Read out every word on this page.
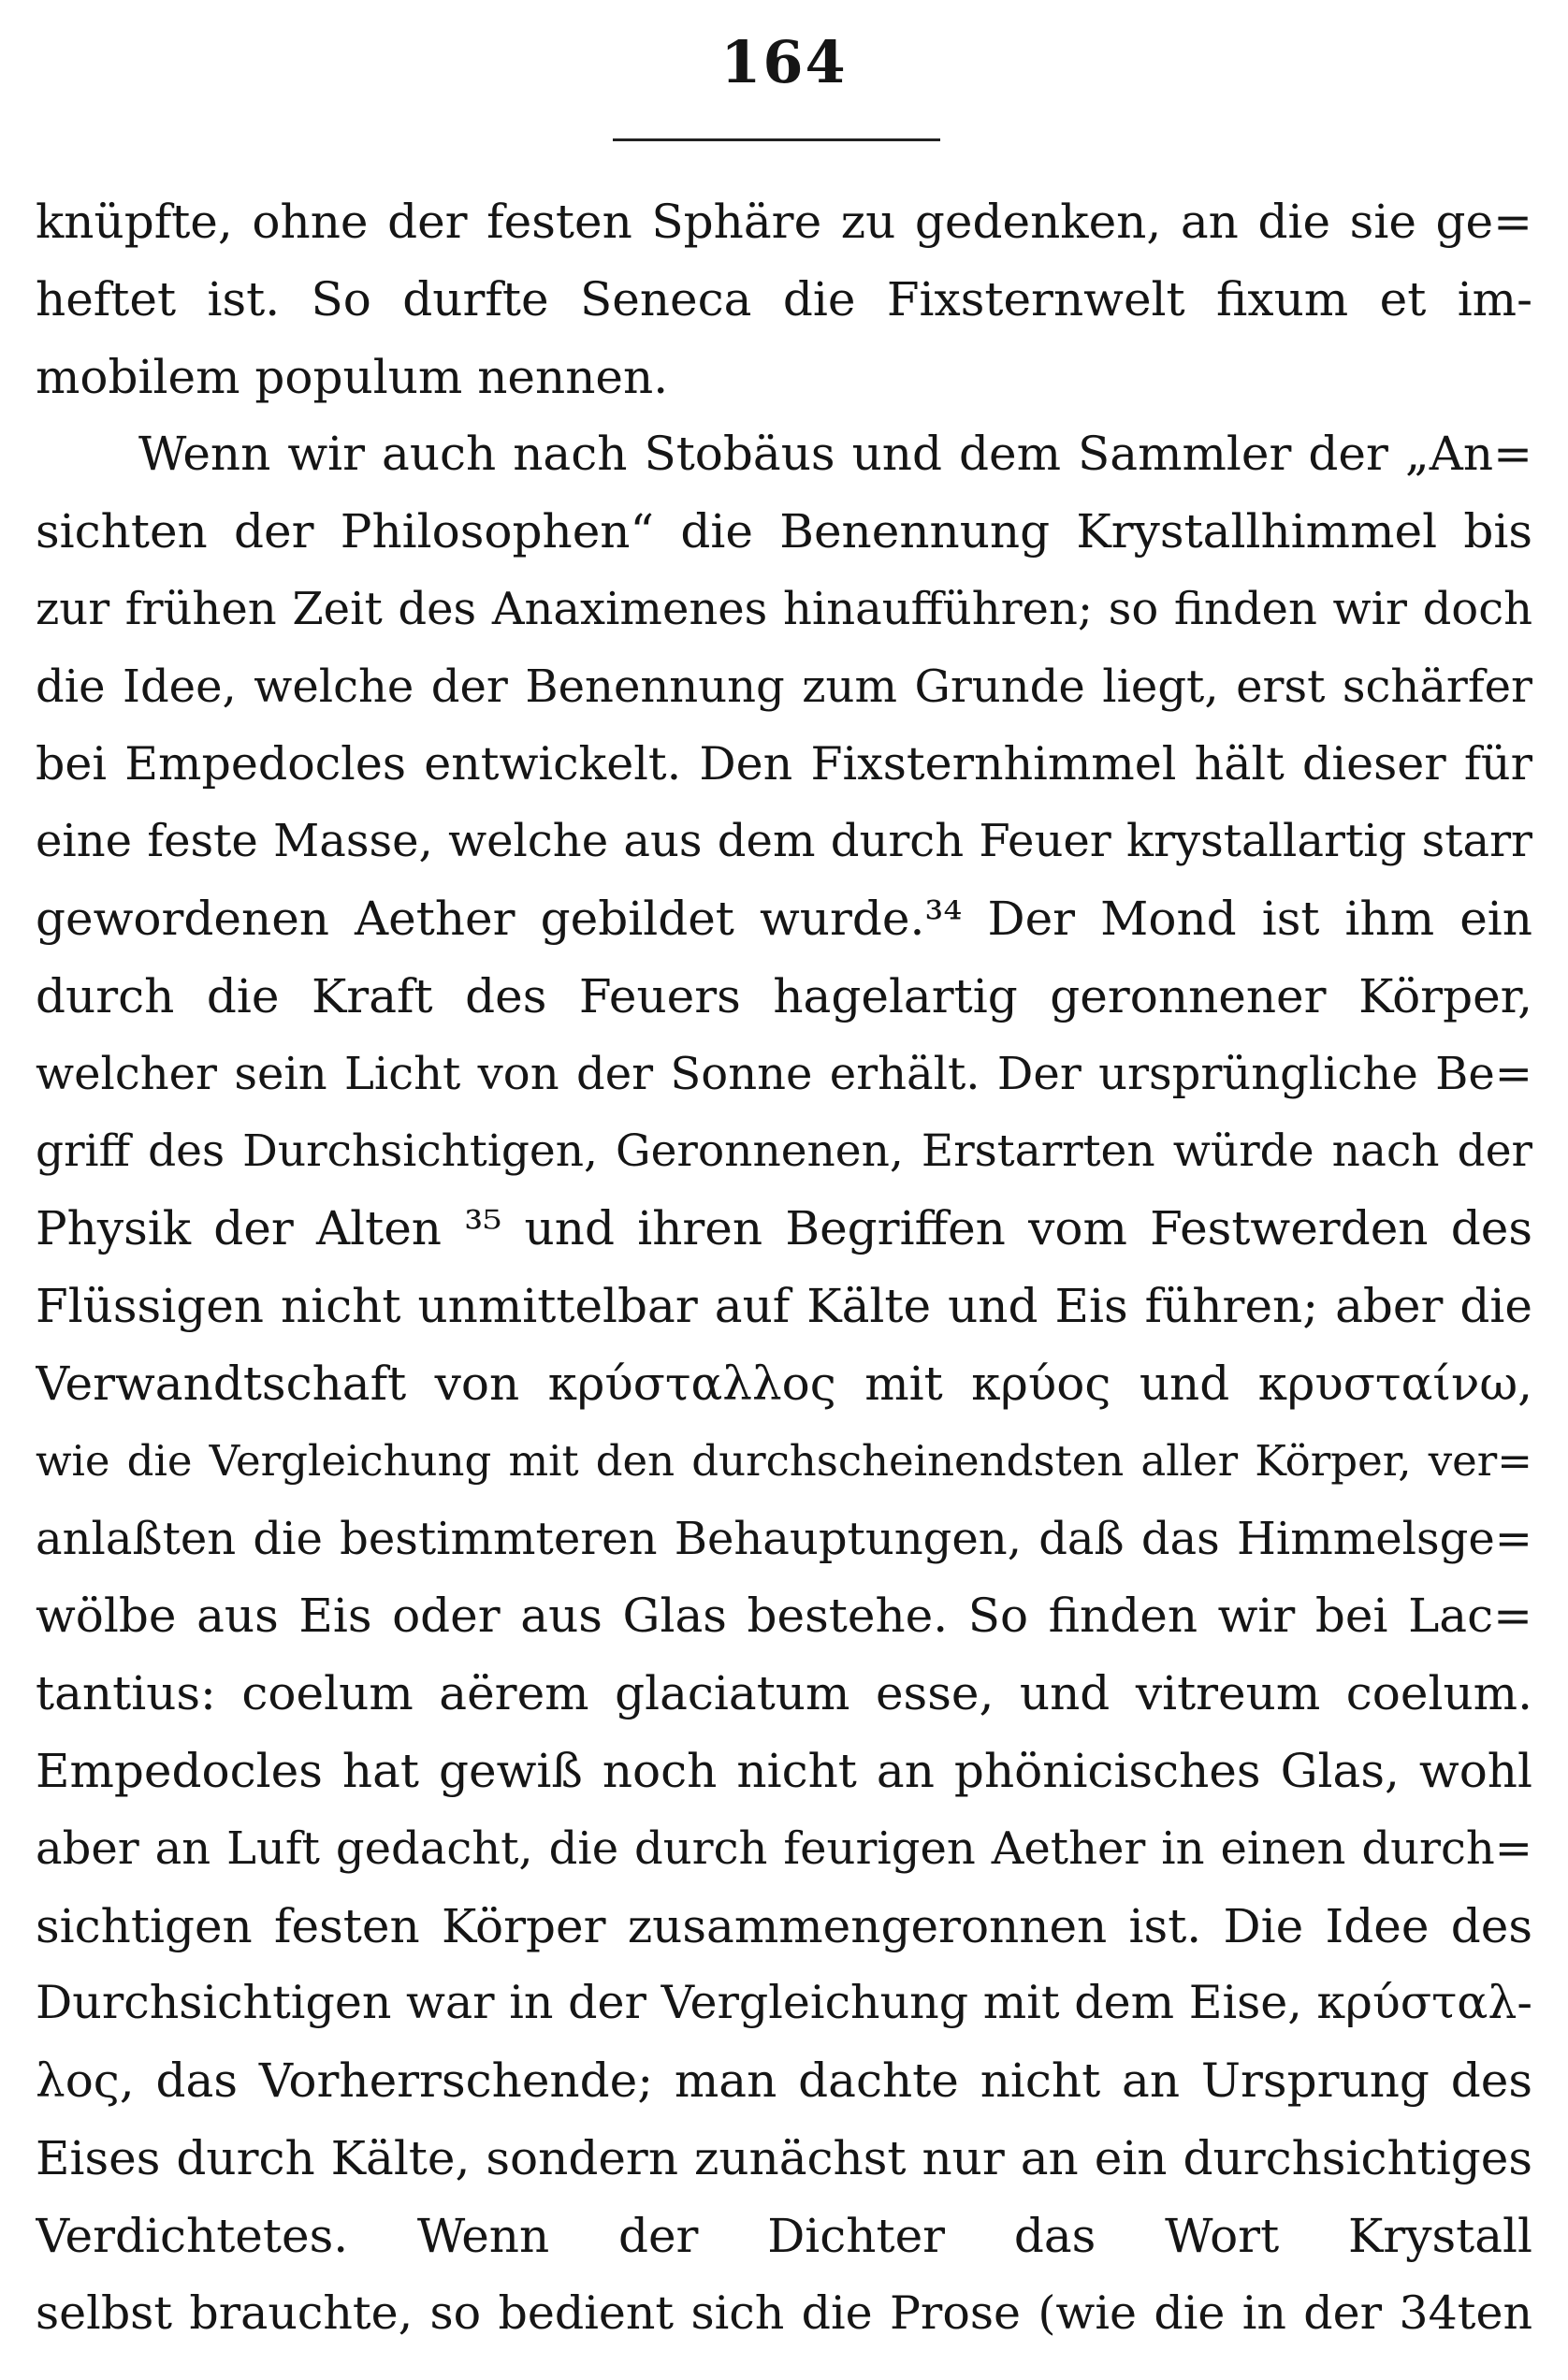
164
knüpfte, ohne der festen Sphäre zu gedenken, an die sie ge=
heftet ist. So durfte Seneca die Fixsternwelt fixum et im-
mobilem populum nennen.
Wenn wir auch nach Stobäus und dem Sammler der „An=
sichten der Philosophen“ die Benennung Krystallhimmel bis
zur frühen Zeit des Anaximenes hinaufführen; so finden wir doch
die Idee, welche der Benennung zum Grunde liegt, erst schärfer
bei Empedocles entwickelt. Den Fixsternhimmel hält dieser für
eine feste Masse, welche aus dem durch Feuer krystallartig starr
gewordenen Aether gebildet wurde.³⁴ Der Mond ist ihm ein
durch die Kraft des Feuers hagelartig geronnener Körper,
welcher sein Licht von der Sonne erhält. Der ursprüngliche Be=
griff des Durchsichtigen, Geronnenen, Erstarrten würde nach der
Physik der Alten ³⁵ und ihren Begriffen vom Festwerden des
Flüssigen nicht unmittelbar auf Kälte und Eis führen; aber die
Verwandtschaft von κρύσταλλος mit κρύος und κρυσταίνω,
wie die Vergleichung mit den durchscheinendsten aller Körper, ver=
anlaßten die bestimmteren Behauptungen, daß das Himmelsge=
wölbe aus Eis oder aus Glas bestehe. So finden wir bei Lac=
tantius: coelum aërem glaciatum esse, und vitreum coelum.
Empedocles hat gewiß noch nicht an phönicisches Glas, wohl
aber an Luft gedacht, die durch feurigen Aether in einen durch=
sichtigen festen Körper zusammengeronnen ist. Die Idee des
Durchsichtigen war in der Vergleichung mit dem Eise, κρύσταλ-
λος, das Vorherrschende; man dachte nicht an Ursprung des
Eises durch Kälte, sondern zunächst nur an ein durchsichtiges
Verdichtetes. Wenn der Dichter das Wort Krystall
selbst brauchte, so bedient sich die Prose (wie die in der 34ten
